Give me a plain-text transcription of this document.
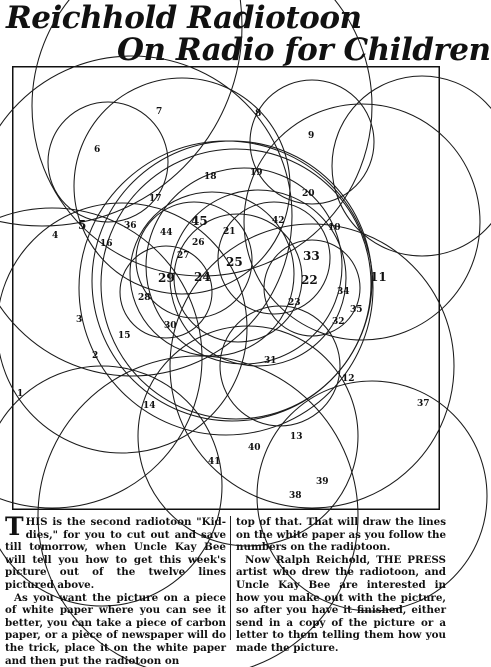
Reichhold Radiotoon
On Radio for Children
1
2
3
4
5
6
7	8
9
10
11
12
13
14
15
16
17
18	19
20
21
22
23
24
25
26
27
28
29
30
31
32
33
34
35
36
37
38
39
40
41
42
44
45

THIS is the second radiotoon "Kid-dies," for you to cut out and save till tomorrow, when Uncle Kay Bee will tell you how to get this week's picture out of the twelve lines pictured above.

As you want the picture on a piece of white paper where you can see it better, you can take a piece of carbon paper, or a piece of newspaper will do the trick, place it on the white paper and then put the radiotoon on

top of that. That will draw the lines on the white paper as you follow the numbers on the radiotoon.

Now Ralph Reichold, THE PRESS artist who drew the radiotoon, and Uncle Kay Bee are interested in how you make out with the picture, so after you have it finished, either send in a copy of the picture or a letter to them telling them how you made the picture.
